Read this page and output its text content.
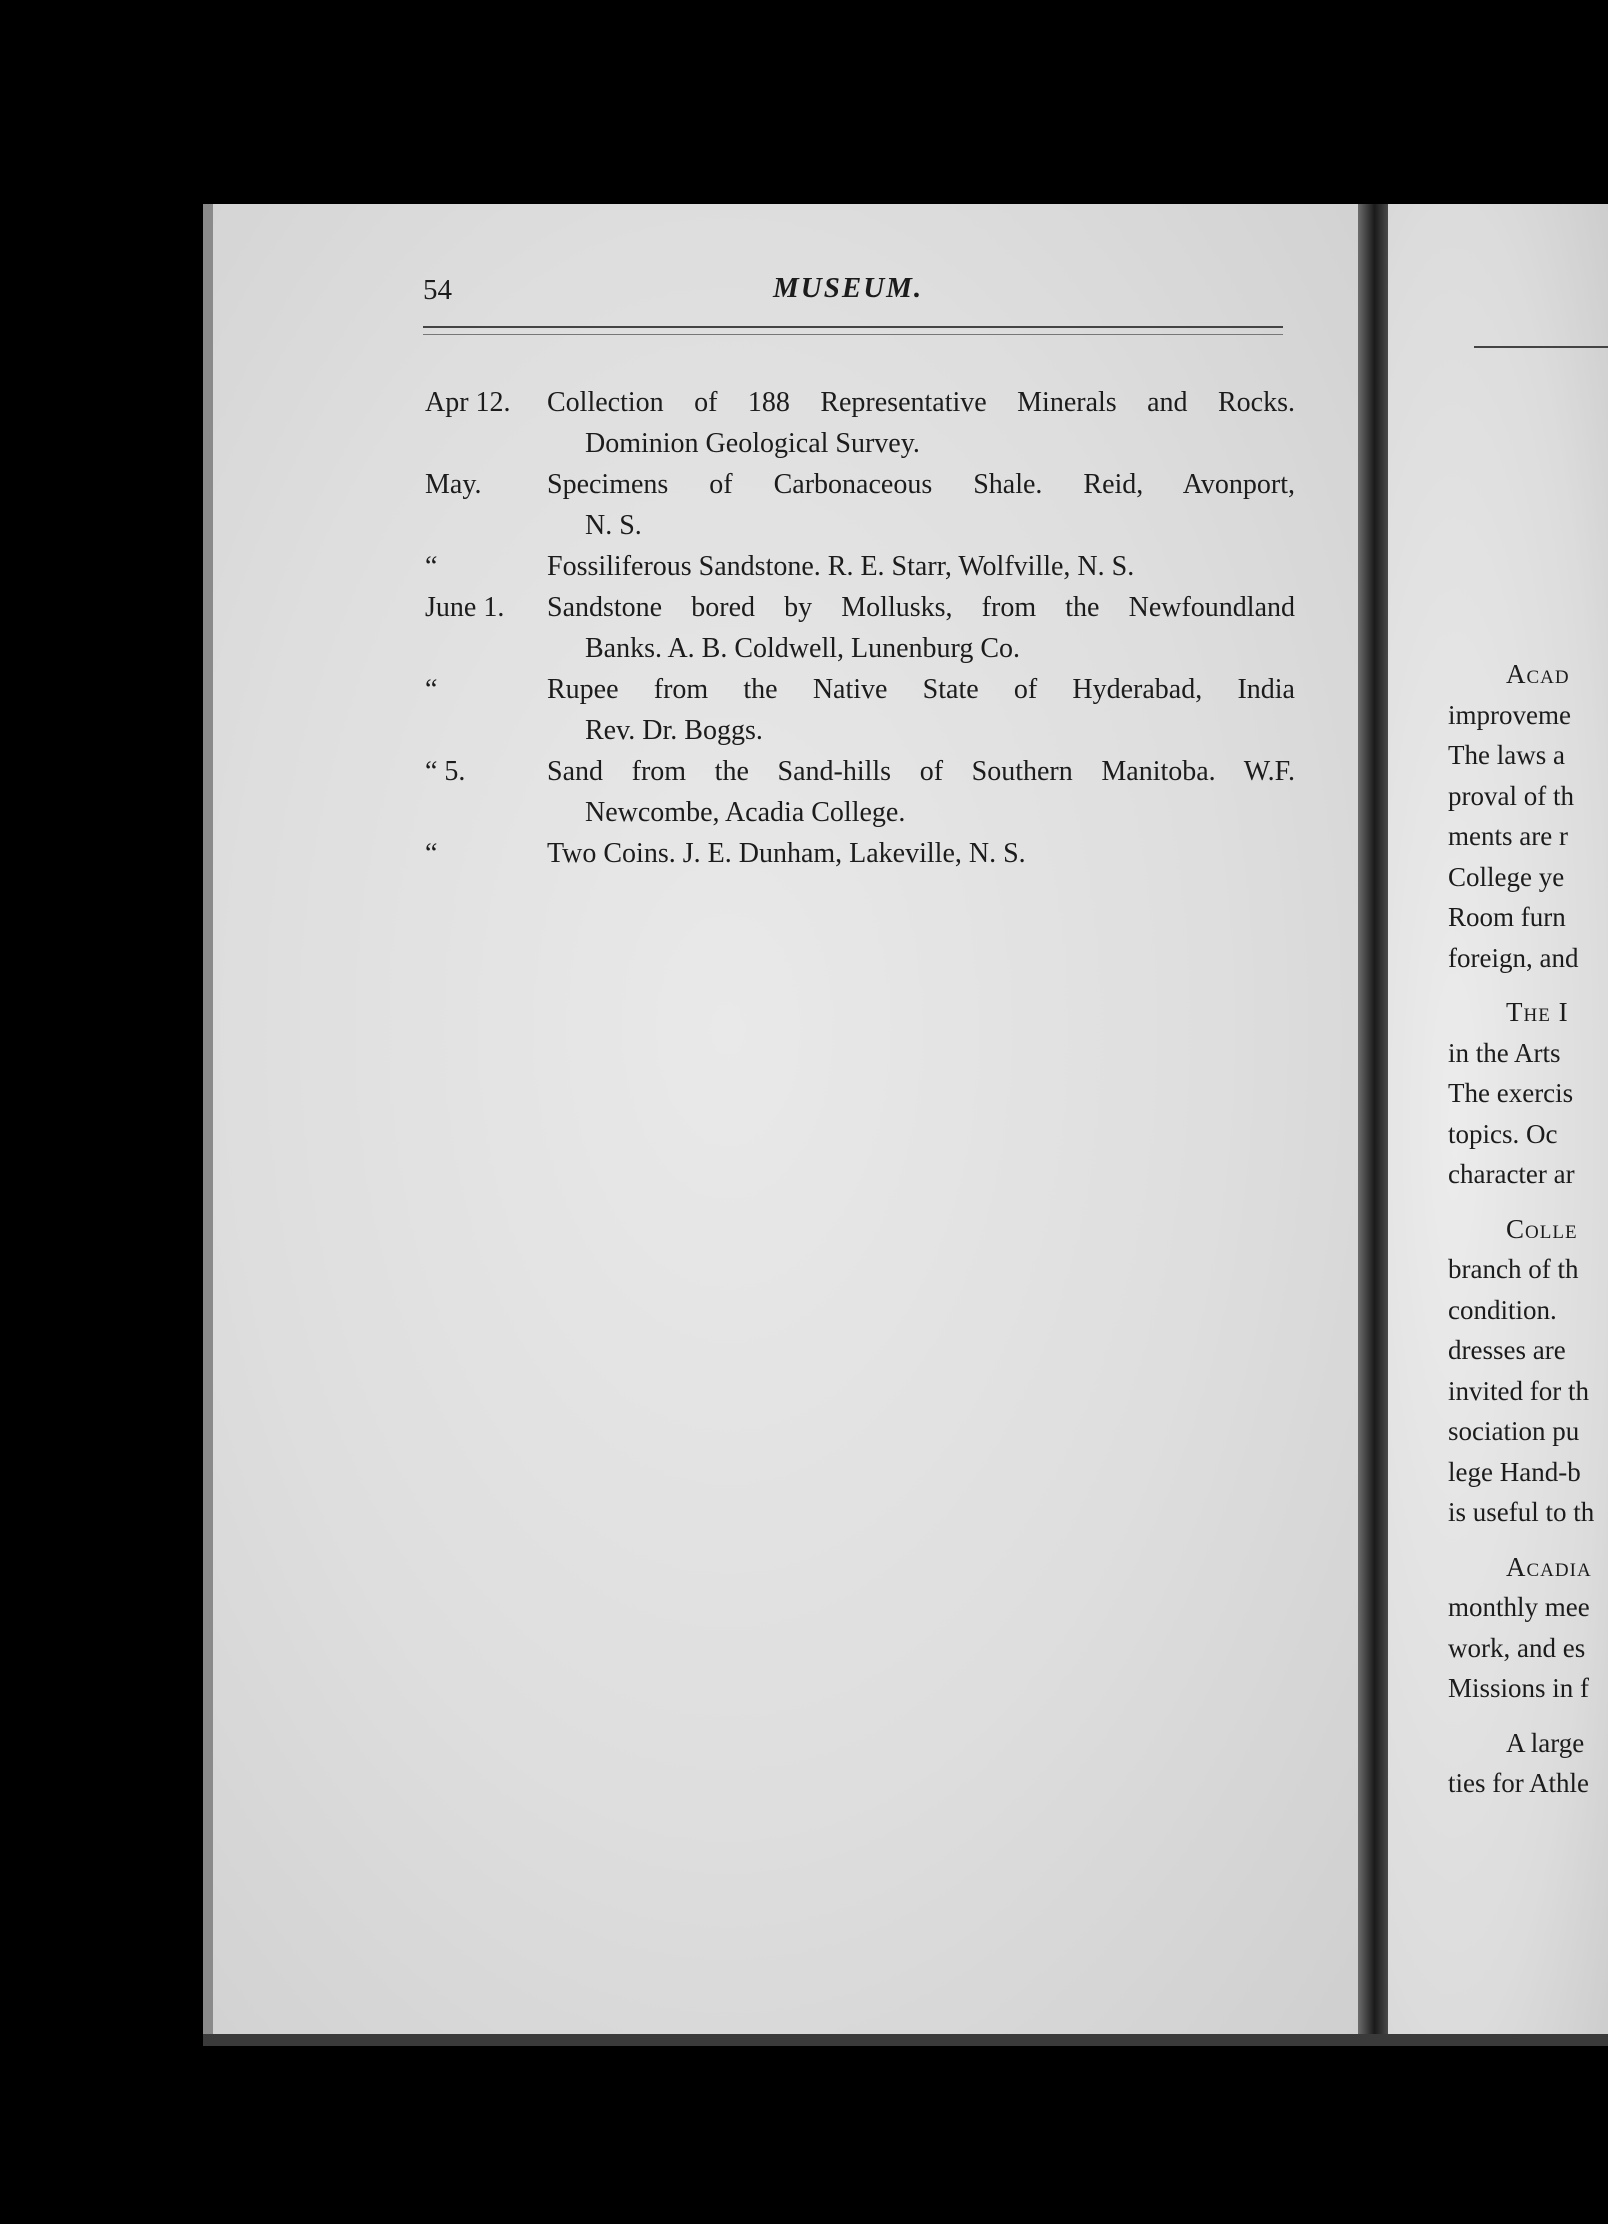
54	MUSEUM.
Apr 12.	Collection of 188 Representative Minerals and Rocks.
Dominion Geological Survey.
May.	Specimens of Carbonaceous Shale. Reid, Avonport,
N. S.
“	Fossiliferous Sandstone. R. E. Starr, Wolfville, N. S.
June 1.	Sandstone bored by Mollusks, from the Newfoundland
Banks. A. B. Coldwell, Lunenburg Co.
“	Rupee from the Native State of Hyderabad, India
Rev. Dr. Boggs.
“ 5.	Sand from the Sand-hills of Southern Manitoba. W.F.
Newcombe, Acadia College.
“	Two Coins. J. E. Dunham, Lakeville, N. S.
Acad
improveme
The laws a
proval of th
ments are r
College ye
Room furn
foreign, and
The I
in the Arts
The exercis
topics. Oc
character ar
Colle
branch of th
condition.
dresses are
invited for th
sociation pu
lege Hand-b
is useful to th
Acadia
monthly mee
work, and es
Missions in f
A large
ties for Athle
